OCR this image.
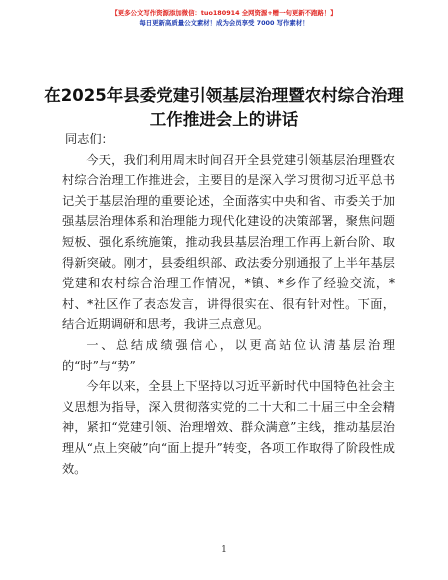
【更多公文写作资源添加微信：tuo180914 全网资源+赠一句更新不跑路！】
每日更新高质量公文素材！成为会员享受 7000 写作素材！
在2025年县委党建引领基层治理暨农村综合治理工作推进会上的讲话

同志们：

今天，我们利用周末时间召开全县党建引领基层治理暨农村综合治理工作推进会，主要目的是深入学习贯彻习近平总书记关于基层治理的重要论述，全面落实中央和省、市委关于加强基层治理体系和治理能力现代化建设的决策部署，聚焦问题短板、强化系统施策，推动我县基层治理工作再上新台阶、取得新突破。刚才，县委组织部、政法委分别通报了上半年基层党建和农村综合治理工作情况，*镇、*乡作了经验交流，*村、*社区作了表态发言，讲得很实在、很有针对性。下面，结合近期调研和思考，我讲三点意见。

一、总结成绩强信心，以更高站位认清基层治理的“时”与“势”

今年以来，全县上下坚持以习近平新时代中国特色社会主义思想为指导，深入贯彻落实党的二十大和二十届三中全会精神，紧扣“党建引领、治理增效、群众满意”主线，推动基层治理从“点上突破”向“面上提升”转变，各项工作取得了阶段性成效。

1
